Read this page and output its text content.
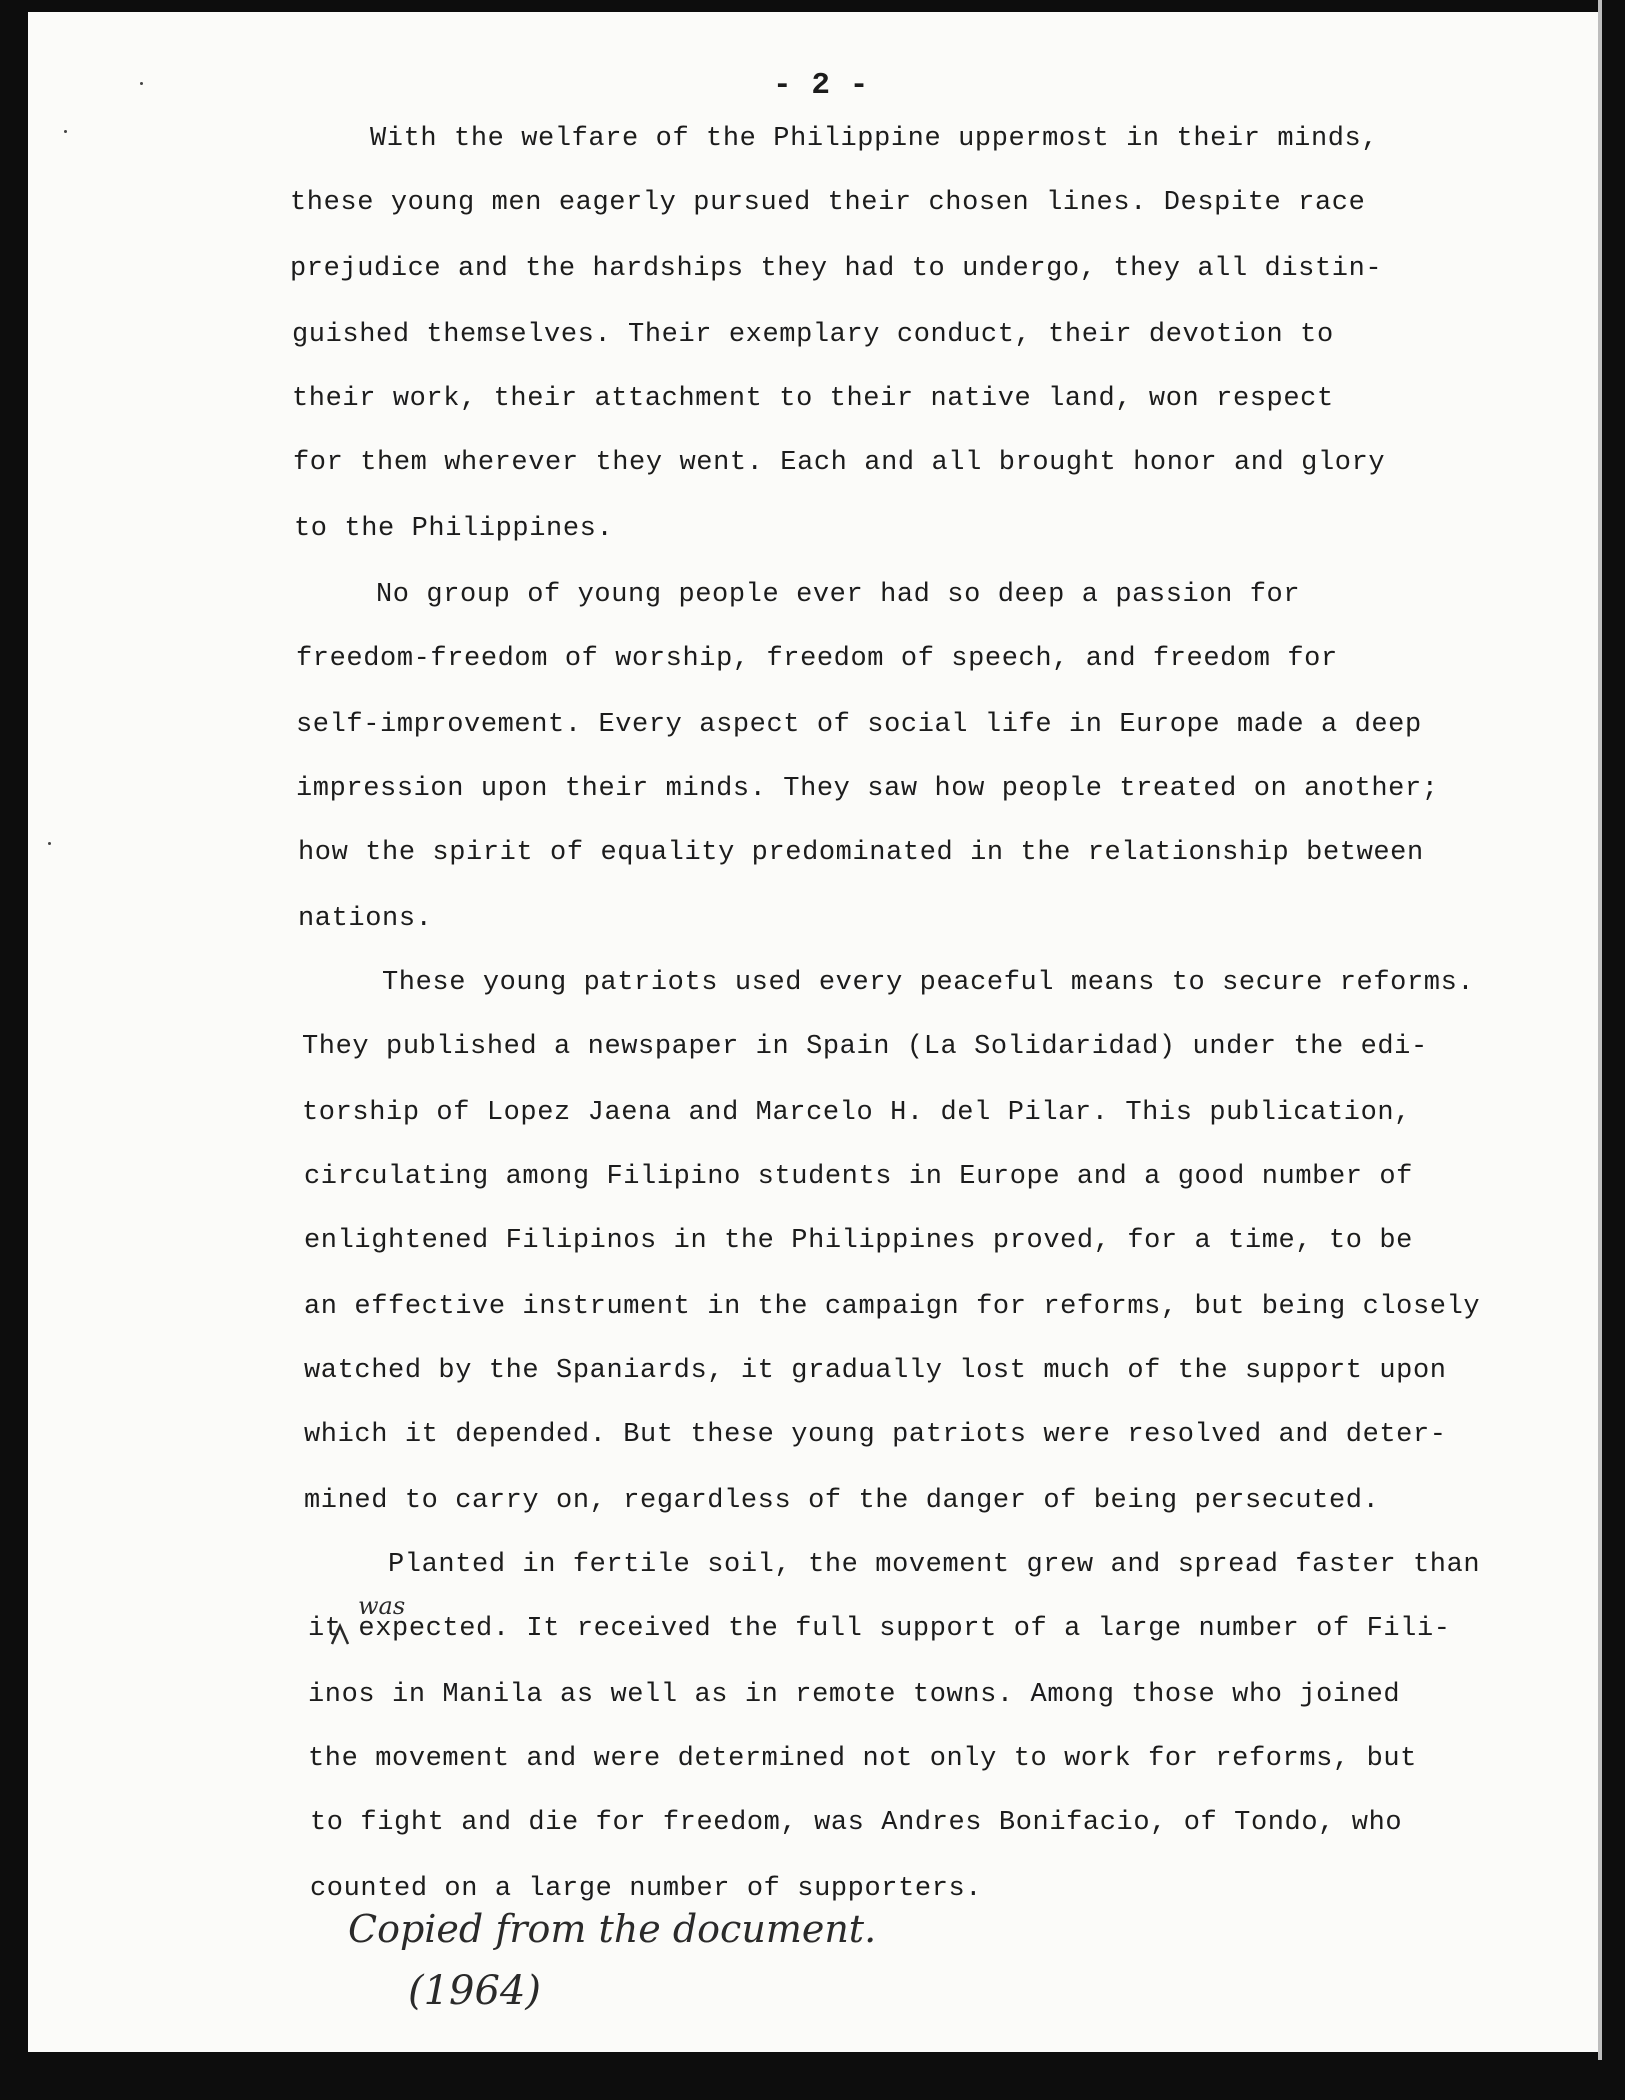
- 2 -
With the welfare of the Philippine uppermost in their minds,
these young men eagerly pursued their chosen lines. Despite race
prejudice and the hardships they had to undergo, they all distin-
guished themselves. Their exemplary conduct, their devotion to
their work, their attachment to their native land, won respect
for them wherever they went. Each and all brought honor and glory
to the Philippines.
No group of young people ever had so deep a passion for
freedom-freedom of worship, freedom of speech, and freedom for
self-improvement. Every aspect of social life in Europe made a deep
impression upon their minds. They saw how people treated on another;
how the spirit of equality predominated in the relationship between
nations.
These young patriots used every peaceful means to secure reforms.
They published a newspaper in Spain (La Solidaridad) under the edi-
torship of Lopez Jaena and Marcelo H. del Pilar. This publication,
circulating among Filipino students in Europe and a good number of
enlightened Filipinos in the Philippines proved, for a time, to be
an effective instrument in the campaign for reforms, but being closely
watched by the Spaniards, it gradually lost much of the support upon
which it depended. But these young patriots were resolved and deter-
mined to carry on, regardless of the danger of being persecuted.
Planted in fertile soil, the movement grew and spread faster than
it expected. It received the full support of a large number of Fili-
inos in Manila as well as in remote towns. Among those who joined
the movement and were determined not only to work for reforms, but
to fight and die for freedom, was Andres Bonifacio, of Tondo, who
counted on a large number of supporters.
was
Copied from the document.
(1964)
